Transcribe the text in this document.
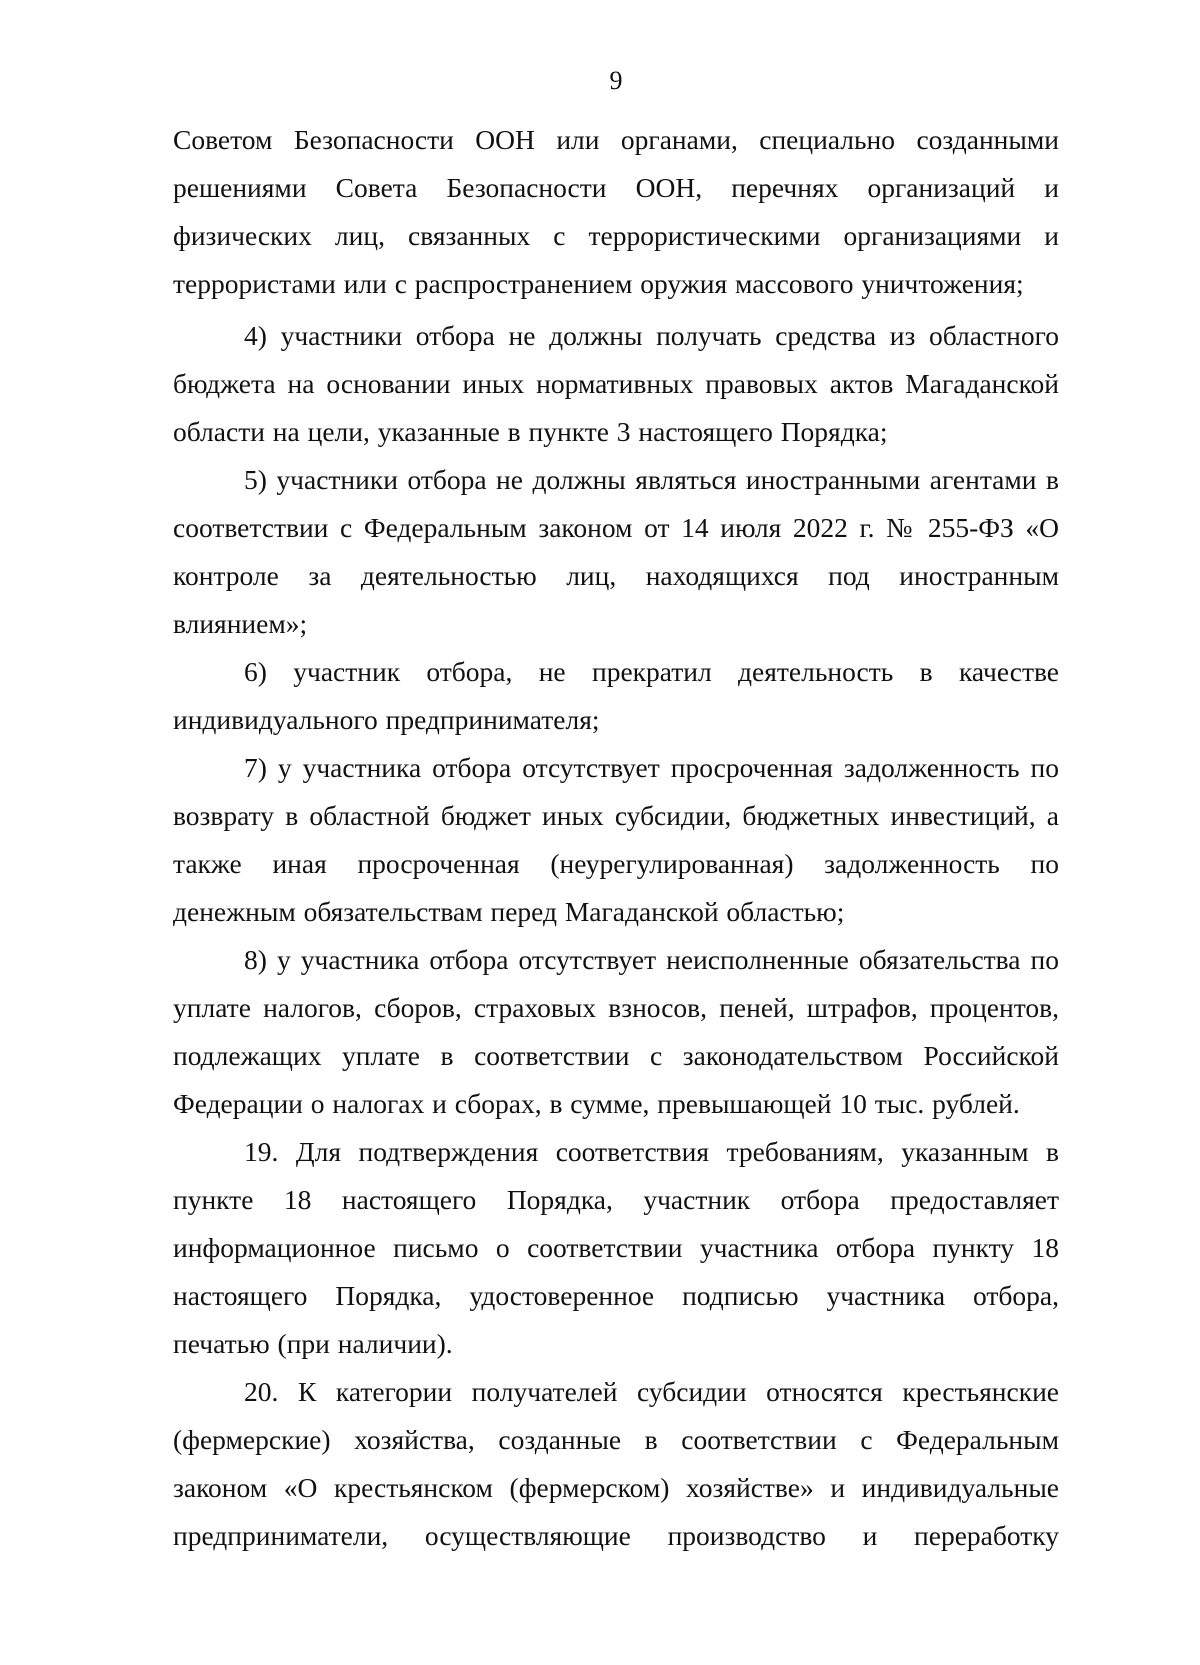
9

Советом Безопасности ООН или органами, специально созданными решениями Совета Безопасности ООН, перечнях организаций и физических лиц, связанных с террористическими организациями и террористами или с распространением оружия массового уничтожения;

4) участники отбора не должны получать средства из областного бюджета на основании иных нормативных правовых актов Магаданской области на цели, указанные в пункте 3 настоящего Порядка;

5) участники отбора не должны являться иностранными агентами в соответствии с Федеральным законом от 14 июля 2022 г. № 255-ФЗ «О контроле за деятельностью лиц, находящихся под иностранным влиянием»;

6) участник отбора, не прекратил деятельность в качестве индивидуального предпринимателя;

7) у участника отбора отсутствует просроченная задолженность по возврату в областной бюджет иных субсидии, бюджетных инвестиций, а также иная просроченная (неурегулированная) задолженность по денежным обязательствам перед Магаданской областью;

8) у участника отбора отсутствует неисполненные обязательства по уплате налогов, сборов, страховых взносов, пеней, штрафов, процентов, подлежащих уплате в соответствии с законодательством Российской Федерации о налогах и сборах, в сумме, превышающей 10 тыс. рублей.

19. Для подтверждения соответствия требованиям, указанным в пункте 18 настоящего Порядка, участник отбора предоставляет информационное письмо о соответствии участника отбора пункту 18 настоящего Порядка, удостоверенное подписью участника отбора, печатью (при наличии).

20. К категории получателей субсидии относятся крестьянские (фермерские) хозяйства, созданные в соответствии с Федеральным законом «О крестьянском (фермерском) хозяйстве» и индивидуальные предприниматели, осуществляющие производство и переработку
